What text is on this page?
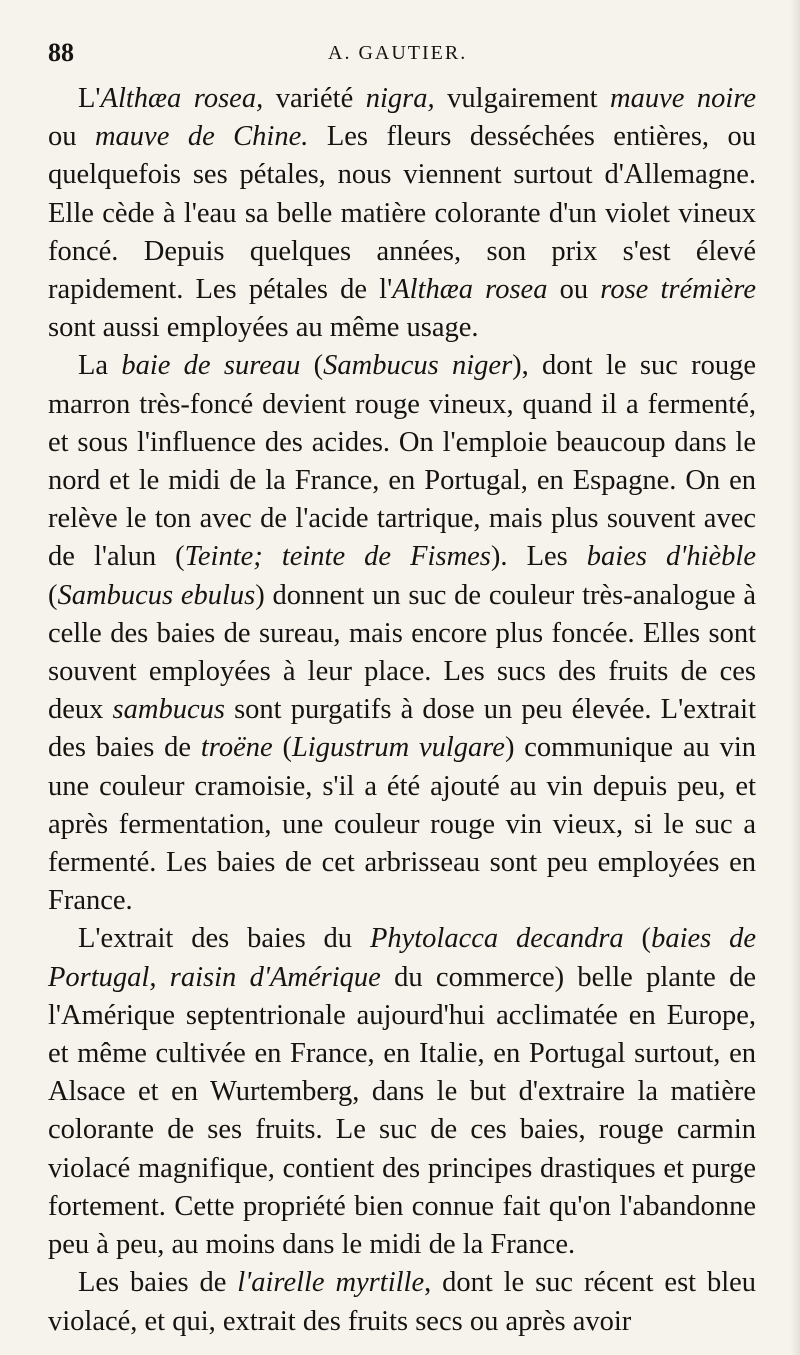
88	A. GAUTIER.

L'Althæa rosea, variété nigra, vulgairement mauve noire ou mauve de Chine. Les fleurs desséchées entières, ou quelquefois ses pétales, nous viennent surtout d'Allemagne. Elle cède à l'eau sa belle matière colorante d'un violet vineux foncé. Depuis quelques années, son prix s'est élevé rapidement. Les pétales de l'Althæa rosea ou rose trémière sont aussi employées au même usage.

La baie de sureau (Sambucus niger), dont le suc rouge marron très-foncé devient rouge vineux, quand il a fermenté, et sous l'influence des acides. On l'emploie beaucoup dans le nord et le midi de la France, en Portugal, en Espagne. On en relève le ton avec de l'acide tartrique, mais plus souvent avec de l'alun (Teinte; teinte de Fismes). Les baies d'hièble (Sambucus ebulus) donnent un suc de couleur très-analogue à celle des baies de sureau, mais encore plus foncée. Elles sont souvent employées à leur place. Les sucs des fruits de ces deux sambucus sont purgatifs à dose un peu élevée. L'extrait des baies de troëne (Ligustrum vulgare) communique au vin une couleur cramoisie, s'il a été ajouté au vin depuis peu, et après fermentation, une couleur rouge vin vieux, si le suc a fermenté. Les baies de cet arbrisseau sont peu employées en France.

L'extrait des baies du Phytolacca decandra (baies de Portugal, raisin d'Amérique du commerce) belle plante de l'Amérique septentrionale aujourd'hui acclimatée en Europe, et même cultivée en France, en Italie, en Portugal surtout, en Alsace et en Wurtemberg, dans le but d'extraire la matière colorante de ses fruits. Le suc de ces baies, rouge carmin violacé magnifique, contient des principes drastiques et purge fortement. Cette propriété bien connue fait qu'on l'abandonne peu à peu, au moins dans le midi de la France.

Les baies de l'airelle myrtille, dont le suc récent est bleu violacé, et qui, extrait des fruits secs ou après avoir
